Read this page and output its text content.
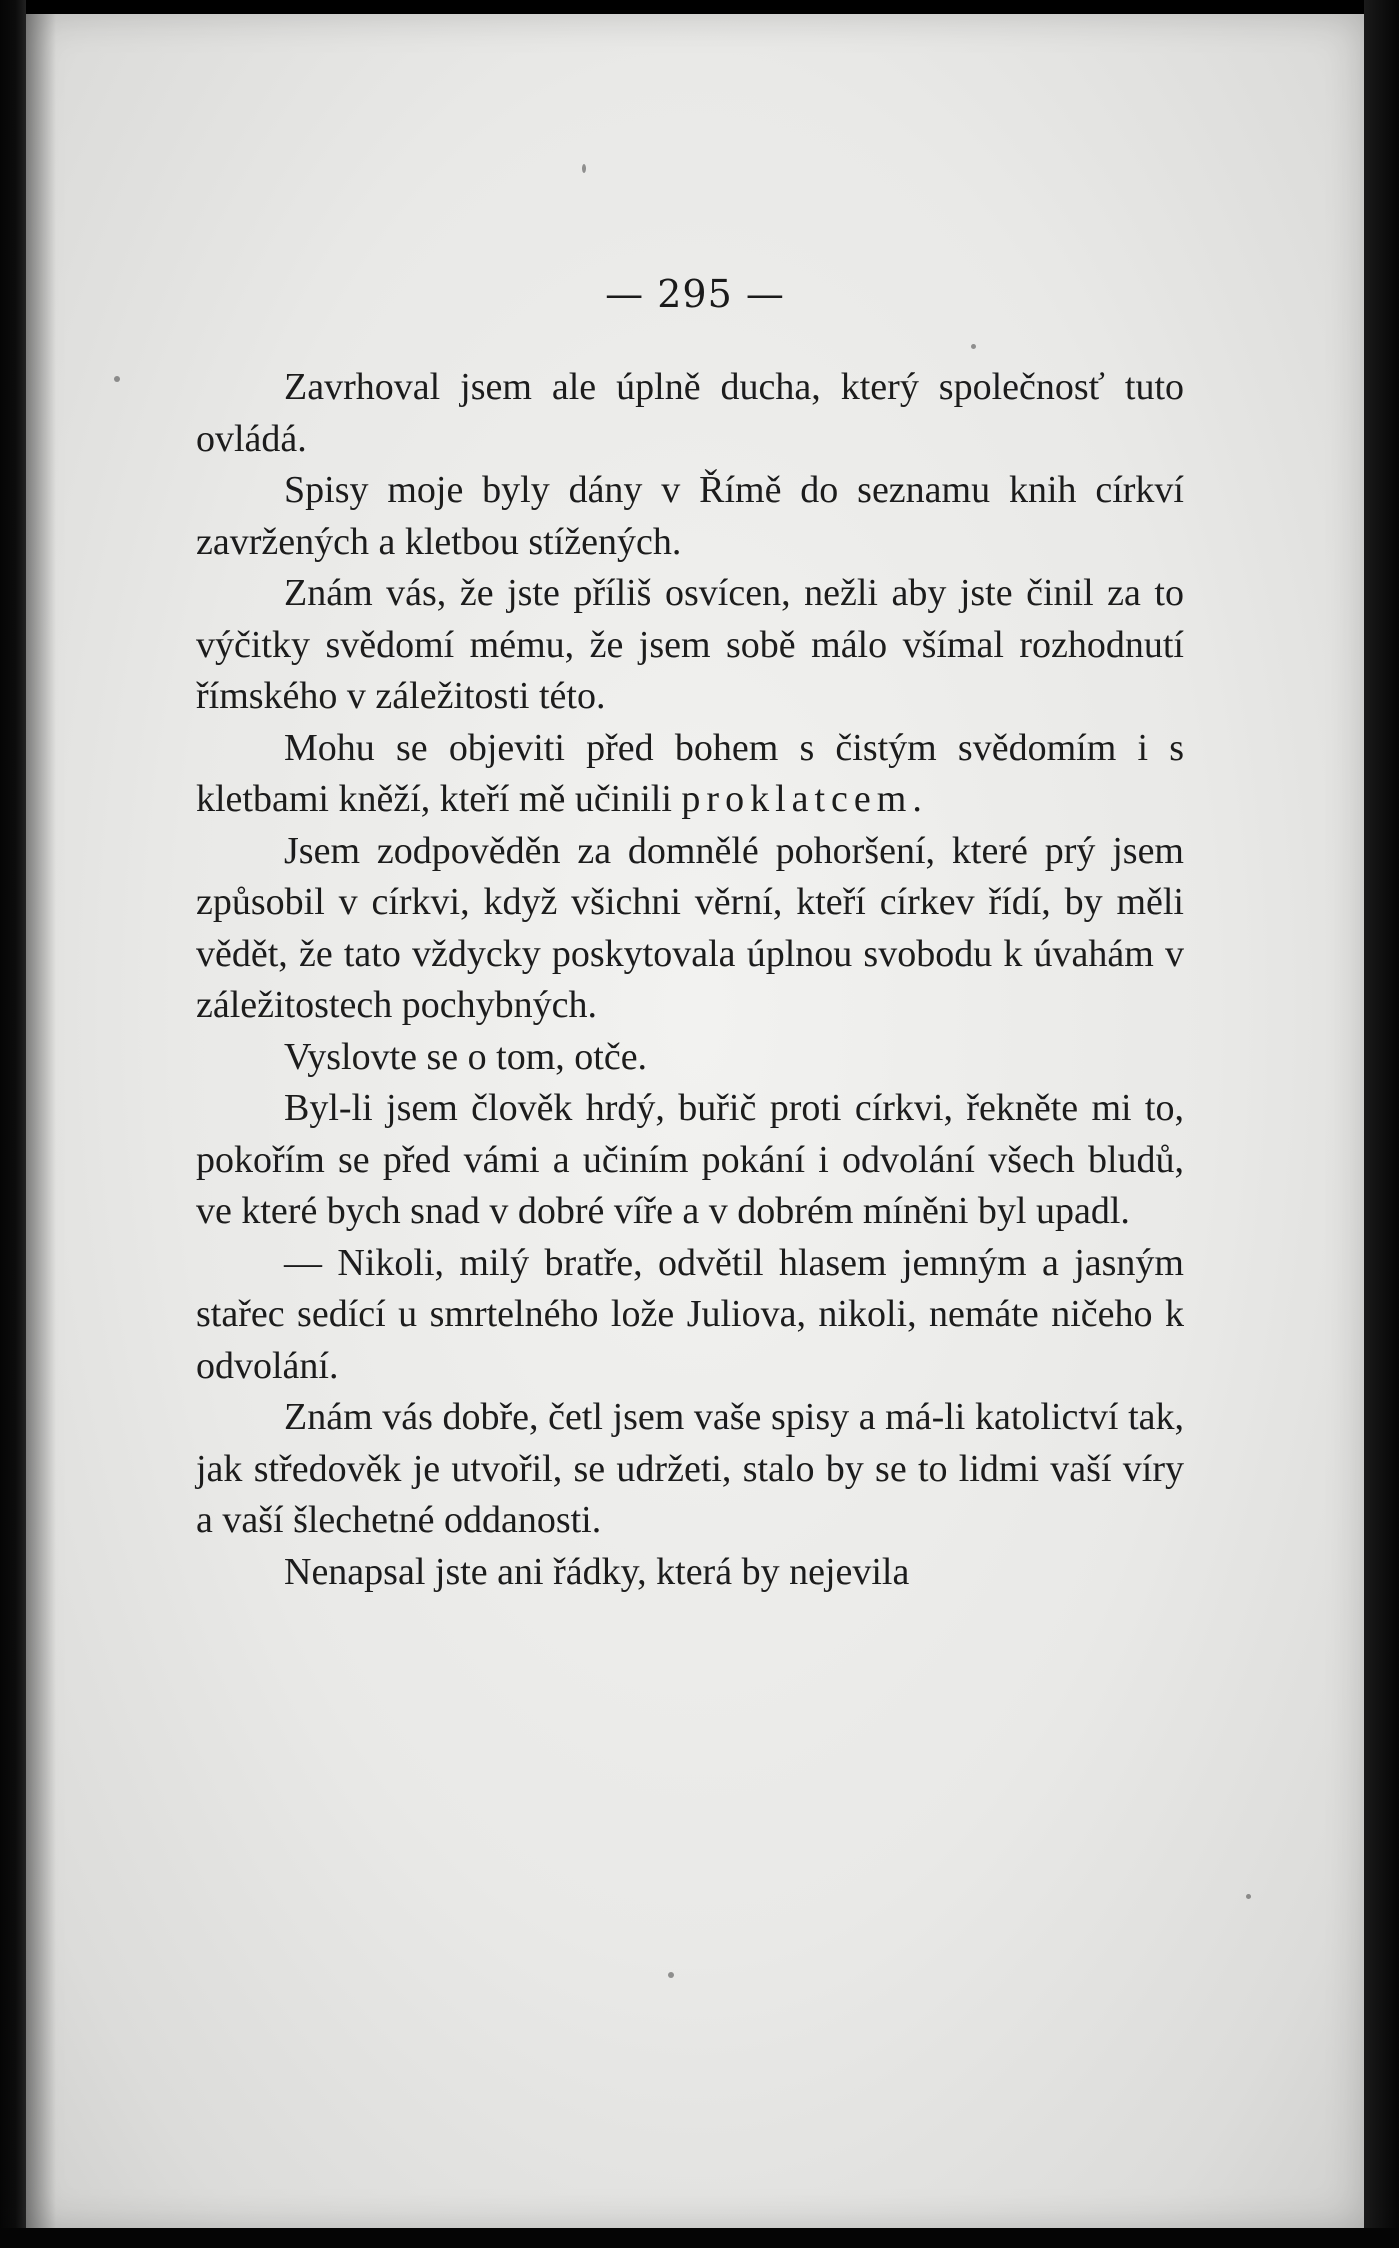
— 295 —

Zavrhoval jsem ale úplně ducha, který společnosť tuto ovládá.

Spisy moje byly dány v Římě do seznamu knih církví zavržených a kletbou stížených.

Znám vás, že jste příliš osvícen, nežli aby jste činil za to výčitky svědomí mému, že jsem sobě málo všímal rozhodnutí římského v záležitosti této.

Mohu se objeviti před bohem s čistým svědomím i s kletbami kněží, kteří mě učinili proklatcem.

Jsem zodpověděn za domnělé pohoršení, které prý jsem způsobil v církvi, když všichni věrní, kteří církev řídí, by měli vědět, že tato vždycky poskytovala úplnou svobodu k úvahám v záležitostech pochybných.

Vyslovte se o tom, otče.

Byl-li jsem člověk hrdý, buřič proti církvi, řekněte mi to, pokořím se před vámi a učiním pokání i odvolání všech bludů, ve které bych snad v dobré víře a v dobrém míněni byl upadl.

— Nikoli, milý bratře, odvětil hlasem jemným a jasným stařec sedící u smrtelného lože Juliova, nikoli, nemáte ničeho k odvolání.

Znám vás dobře, četl jsem vaše spisy a má-li katolictví tak, jak středověk je utvořil, se udržeti, stalo by se to lidmi vaší víry a vaší šlechetné oddanosti.

Nenapsal jste ani řádky, která by nejevila
